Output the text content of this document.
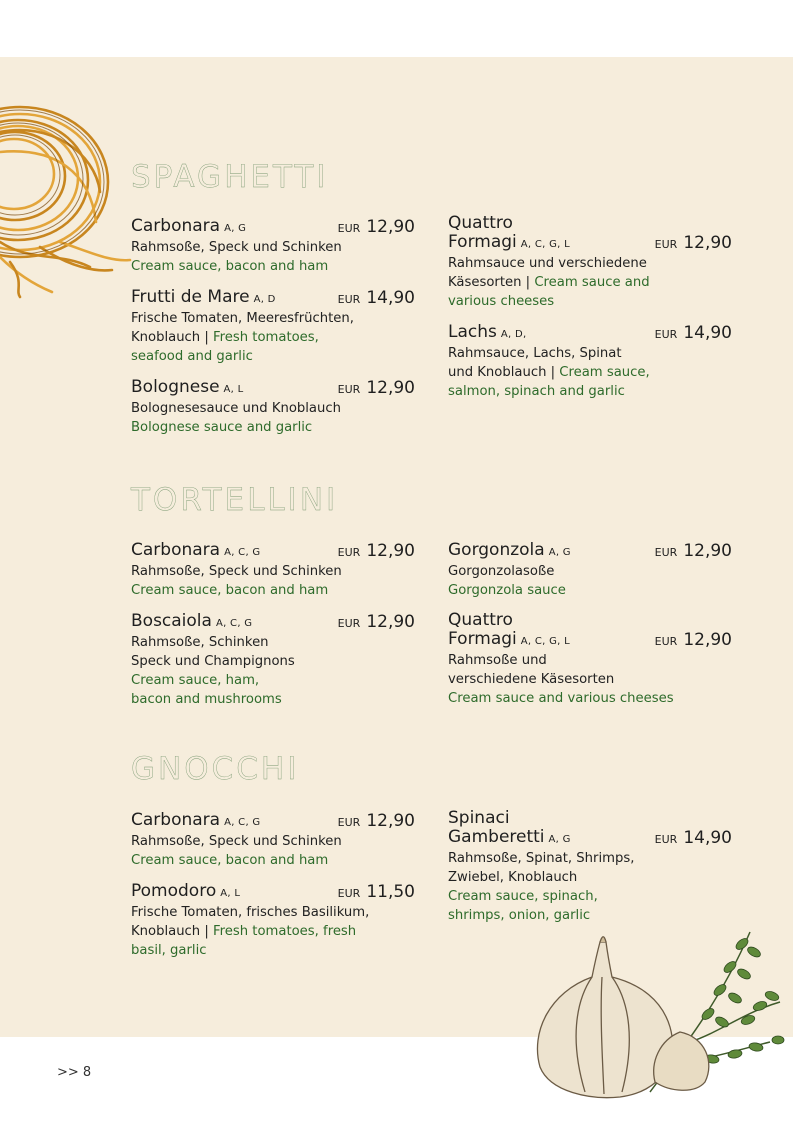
SPAGHETTI
Carbonara A, G	EUR 12,90

Rahmsoße, Speck und Schinken

Cream sauce, bacon and ham

Frutti de Mare A, D	EUR 14,90

Frische Tomaten, Meeresfrüchten,

Knoblauch | Fresh tomatoes,

seafood and garlic

Bolognese A, L	EUR 12,90

Bolognesesauce und Knoblauch

Bolognese sauce and garlic

Quattro
Formagi A, C, G, L	EUR 12,90

Rahmsauce und verschiedene

Käsesorten | Cream sauce and

various cheeses

Lachs A, D,	EUR 14,90

Rahmsauce, Lachs, Spinat

und Knoblauch | Cream sauce,

salmon, spinach and garlic

TORTELLINI
Carbonara A, C, G	EUR 12,90

Rahmsoße, Speck und Schinken

Cream sauce, bacon and ham

Boscaiola A, C, G	EUR 12,90

Rahmsoße, Schinken

Speck und Champignons

Cream sauce, ham,

bacon and mushrooms

Gorgonzola A, G	EUR 12,90

Gorgonzolasoße

Gorgonzola sauce

Quattro
Formagi A, C, G, L	EUR 12,90

Rahmsoße und

verschiedene Käsesorten

Cream sauce and various cheeses

GNOCCHI
Carbonara A, C, G	EUR 12,90

Rahmsoße, Speck und Schinken

Cream sauce, bacon and ham

Pomodoro A, L	EUR 11,50

Frische Tomaten, frisches Basilikum,

Knoblauch | Fresh tomatoes, fresh

basil, garlic

Spinaci
Gamberetti A, G	EUR 14,90

Rahmsoße, Spinat, Shrimps,

Zwiebel, Knoblauch

Cream sauce, spinach,

shrimps, onion, garlic

>> 8
